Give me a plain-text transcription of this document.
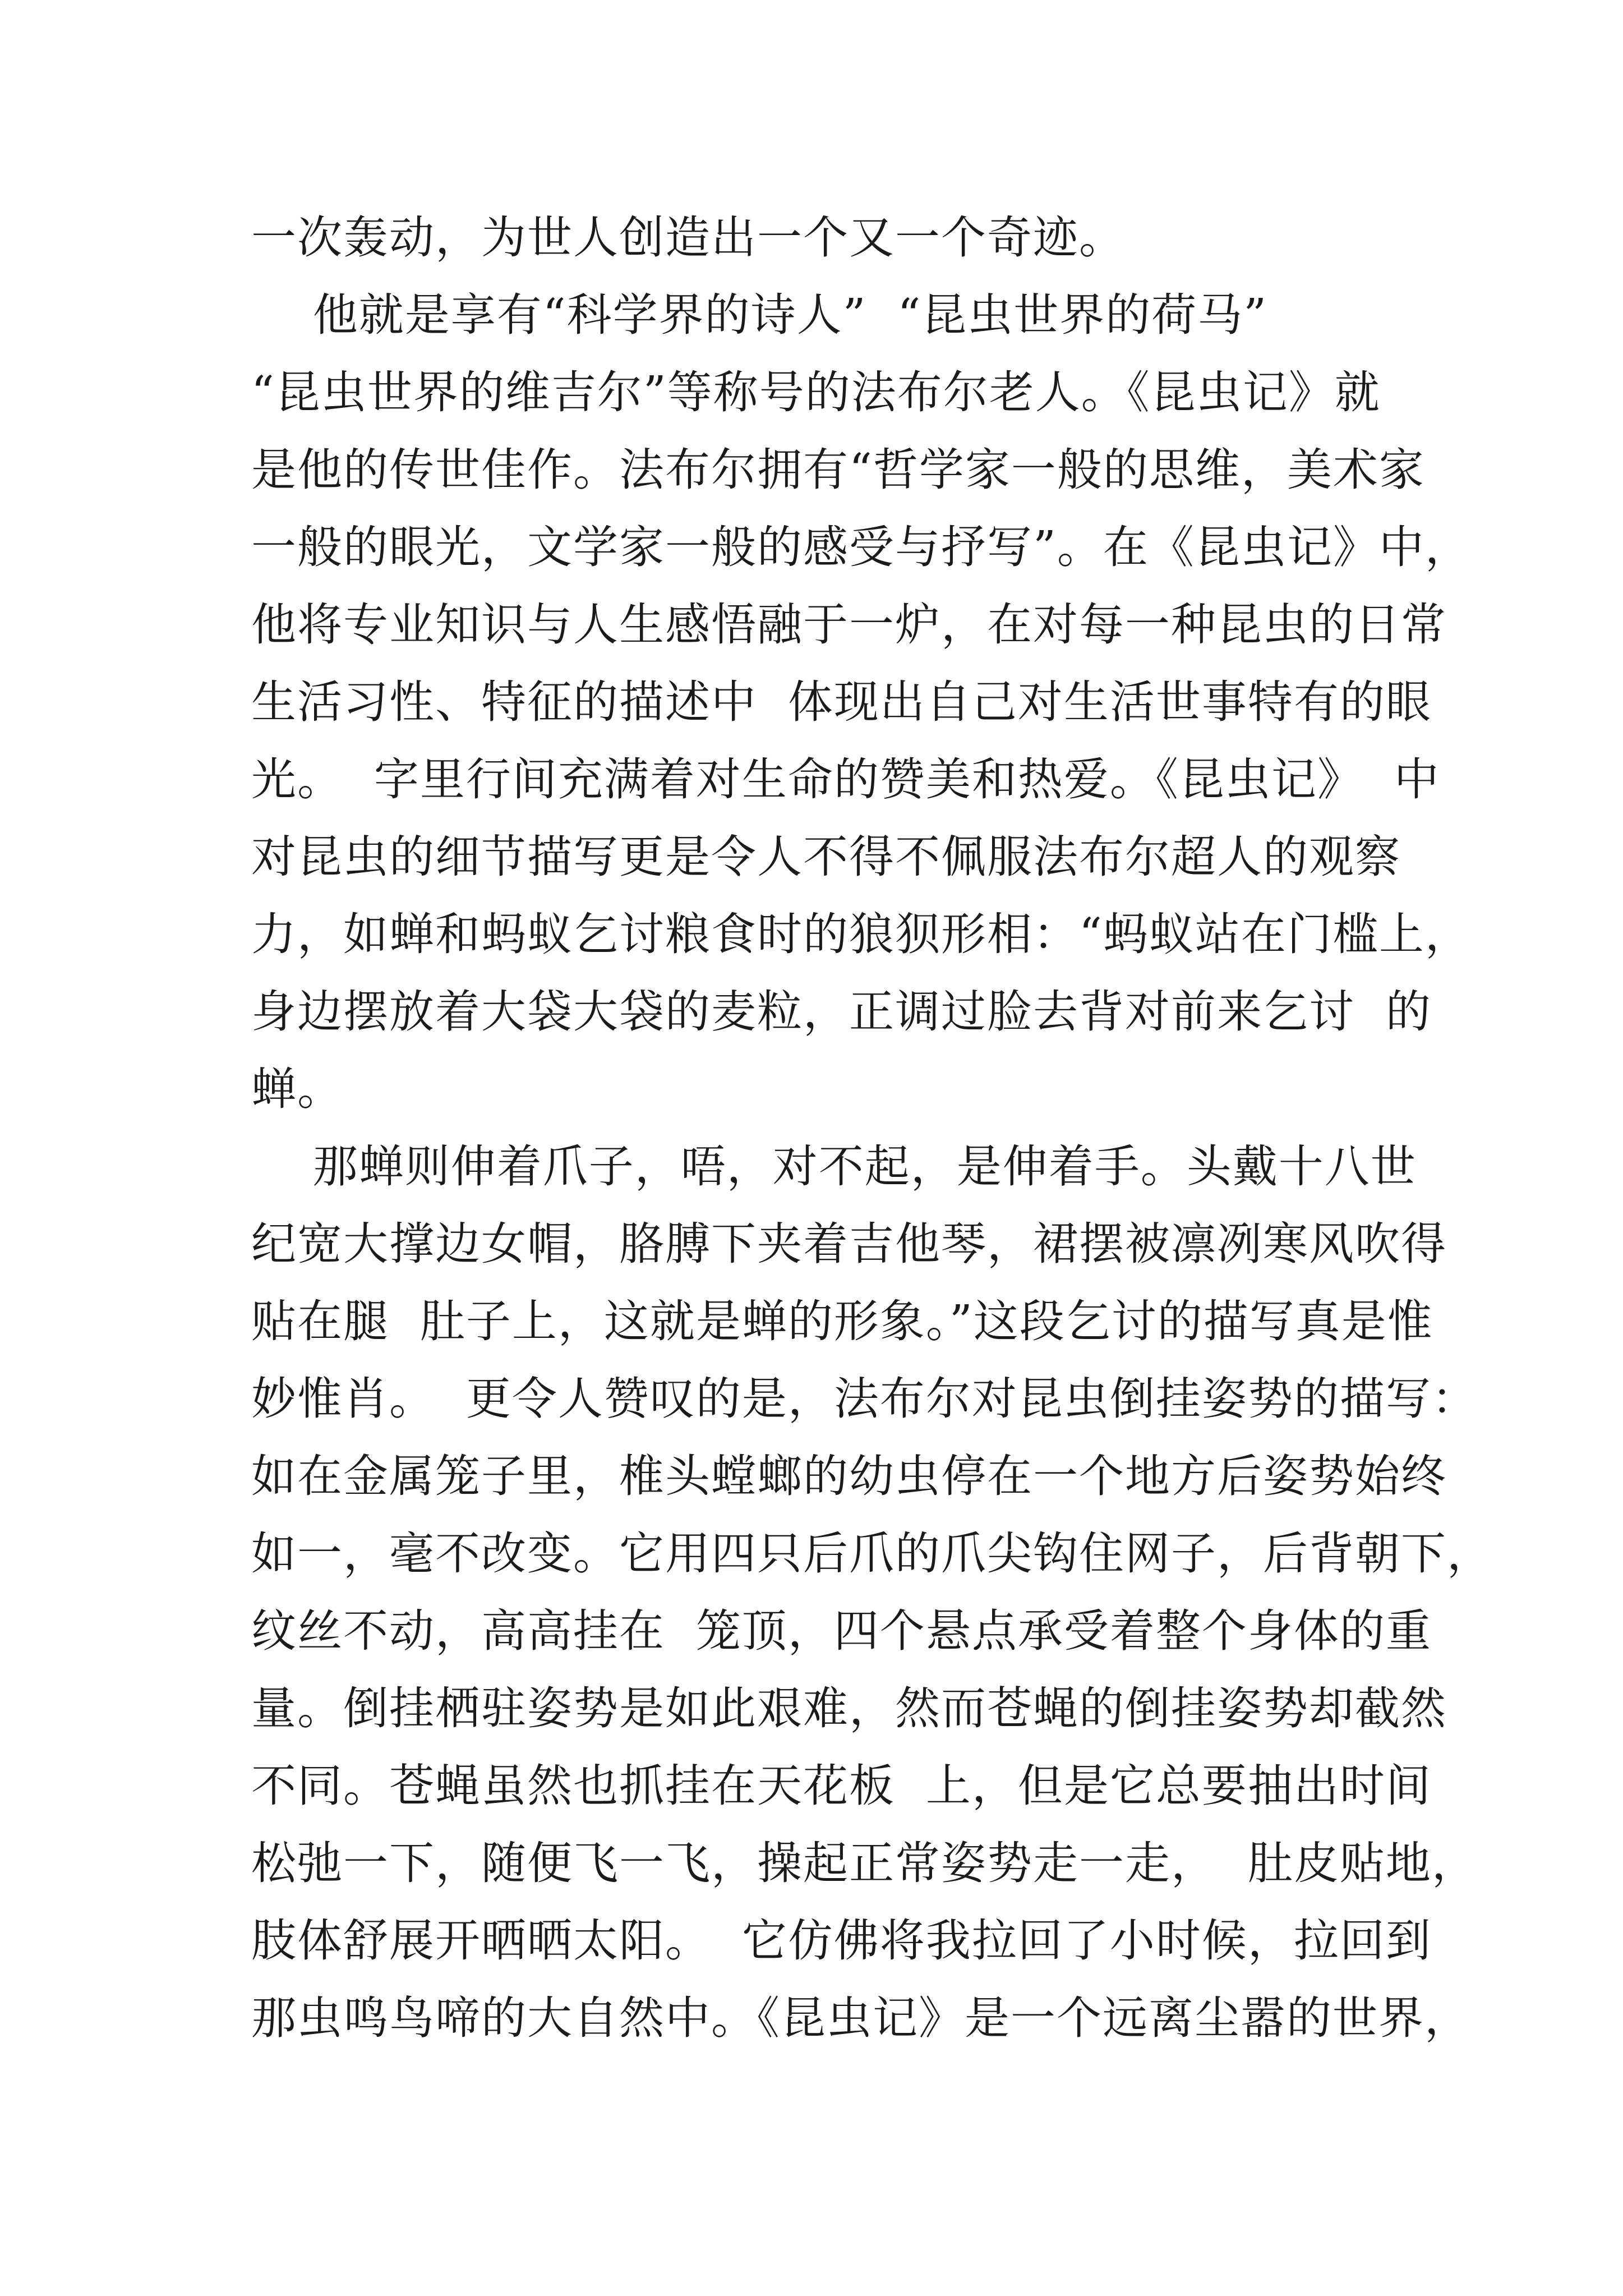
一次轰动，为世人创造出一个又一个奇迹。
他就是享有“科学界的诗人”  “昆虫世界的荷马”
“昆虫世界的维吉尔”等称号的法布尔老人。《昆虫记》就
是他的传世佳作。法布尔拥有“哲学家一般的思维，美术家
一般的眼光，文学家一般的感受与抒写”。在《昆虫记》中，
他将专业知识与人生感悟融于一炉，在对每一种昆虫的日常
生活习性、特征的描述中  体现出自己对生活世事特有的眼
光。  字里行间充满着对生命的赞美和热爱。《昆虫记》  中
对昆虫的细节描写更是令人不得不佩服法布尔超人的观察
力，如蝉和蚂蚁乞讨粮食时的狼狈形相：“蚂蚁站在门槛上，
身边摆放着大袋大袋的麦粒，正调过脸去背对前来乞讨  的
蝉。
那蝉则伸着爪子，唔，对不起，是伸着手。头戴十八世
纪宽大撑边女帽，胳膊下夹着吉他琴，裙摆被凛冽寒风吹得
贴在腿  肚子上，这就是蝉的形象。”这段乞讨的描写真是惟
妙惟肖。  更令人赞叹的是，法布尔对昆虫倒挂姿势的描写：
如在金属笼子里，椎头螳螂的幼虫停在一个地方后姿势始终
如一，毫不改变。它用四只后爪的爪尖钩住网子，后背朝下，
纹丝不动，高高挂在  笼顶，四个悬点承受着整个身体的重
量。倒挂栖驻姿势是如此艰难，然而苍蝇的倒挂姿势却截然
不同。苍蝇虽然也抓挂在天花板  上，但是它总要抽出时间
松弛一下，随便飞一飞，操起正常姿势走一走，  肚皮贴地，
肢体舒展开晒晒太阳。  它仿佛将我拉回了小时候，拉回到
那虫鸣鸟啼的大自然中。《昆虫记》是一个远离尘嚣的世界，
